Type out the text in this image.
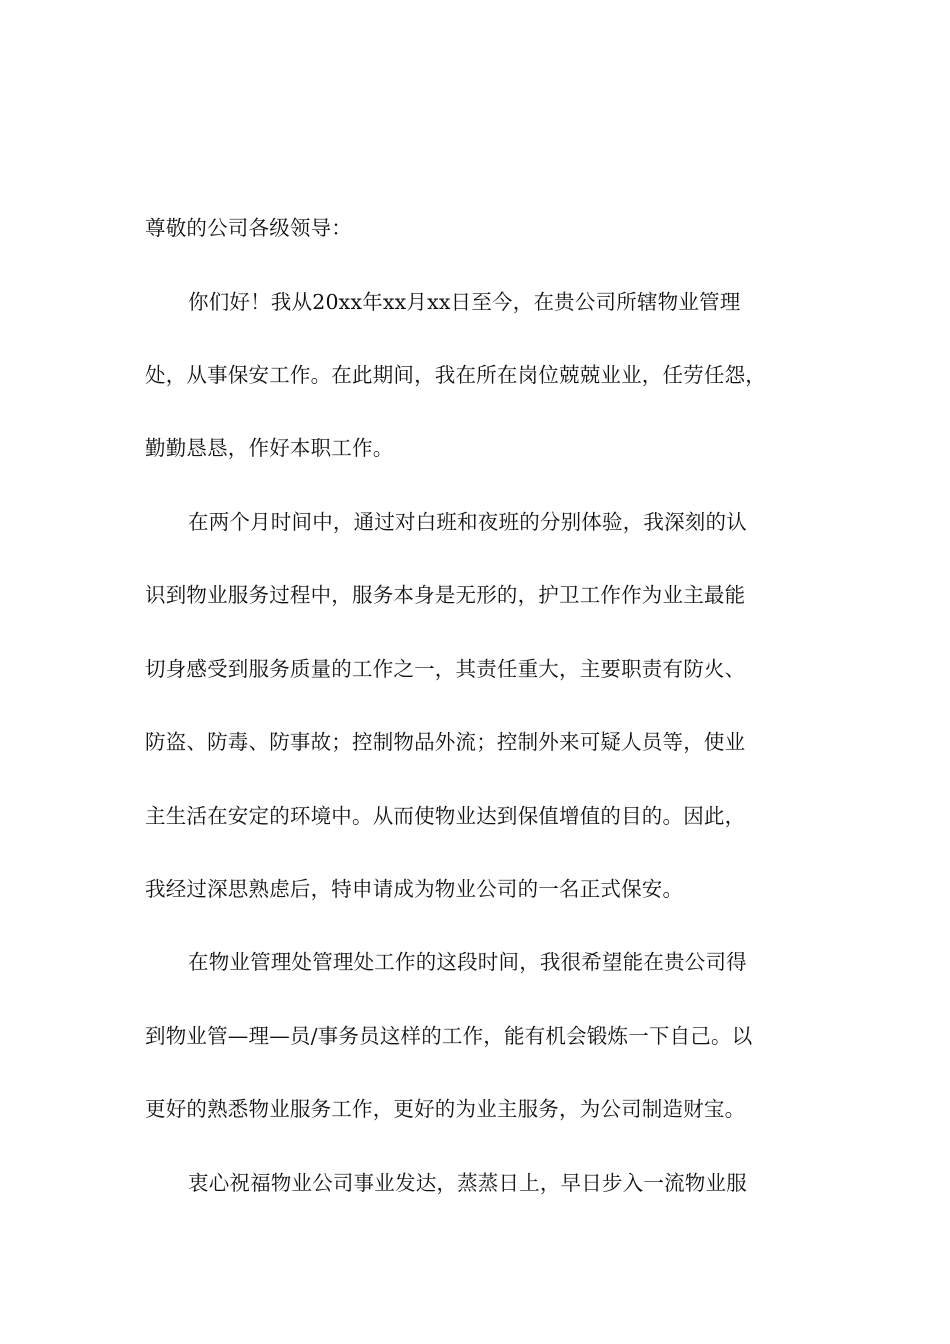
尊敬的公司各级领导：
你们好！我从20xx年xx月xx日至今，在贵公司所辖物业管理
处，从事保安工作。在此期间，我在所在岗位兢兢业业，任劳任怨，
勤勤恳恳，作好本职工作。
在两个月时间中，通过对白班和夜班的分别体验，我深刻的认
识到物业服务过程中，服务本身是无形的，护卫工作作为业主最能
切身感受到服务质量的工作之一，其责任重大，主要职责有防火、
防盗、防毒、防事故；控制物品外流；控制外来可疑人员等，使业
主生活在安定的环境中。从而使物业达到保值增值的目的。因此，
我经过深思熟虑后，特申请成为物业公司的一名正式保安。
在物业管理处管理处工作的这段时间，我很希望能在贵公司得
到物业管—理—员/事务员这样的工作，能有机会锻炼一下自己。以
更好的熟悉物业服务工作，更好的为业主服务，为公司制造财宝。
衷心祝福物业公司事业发达，蒸蒸日上，早日步入一流物业服
